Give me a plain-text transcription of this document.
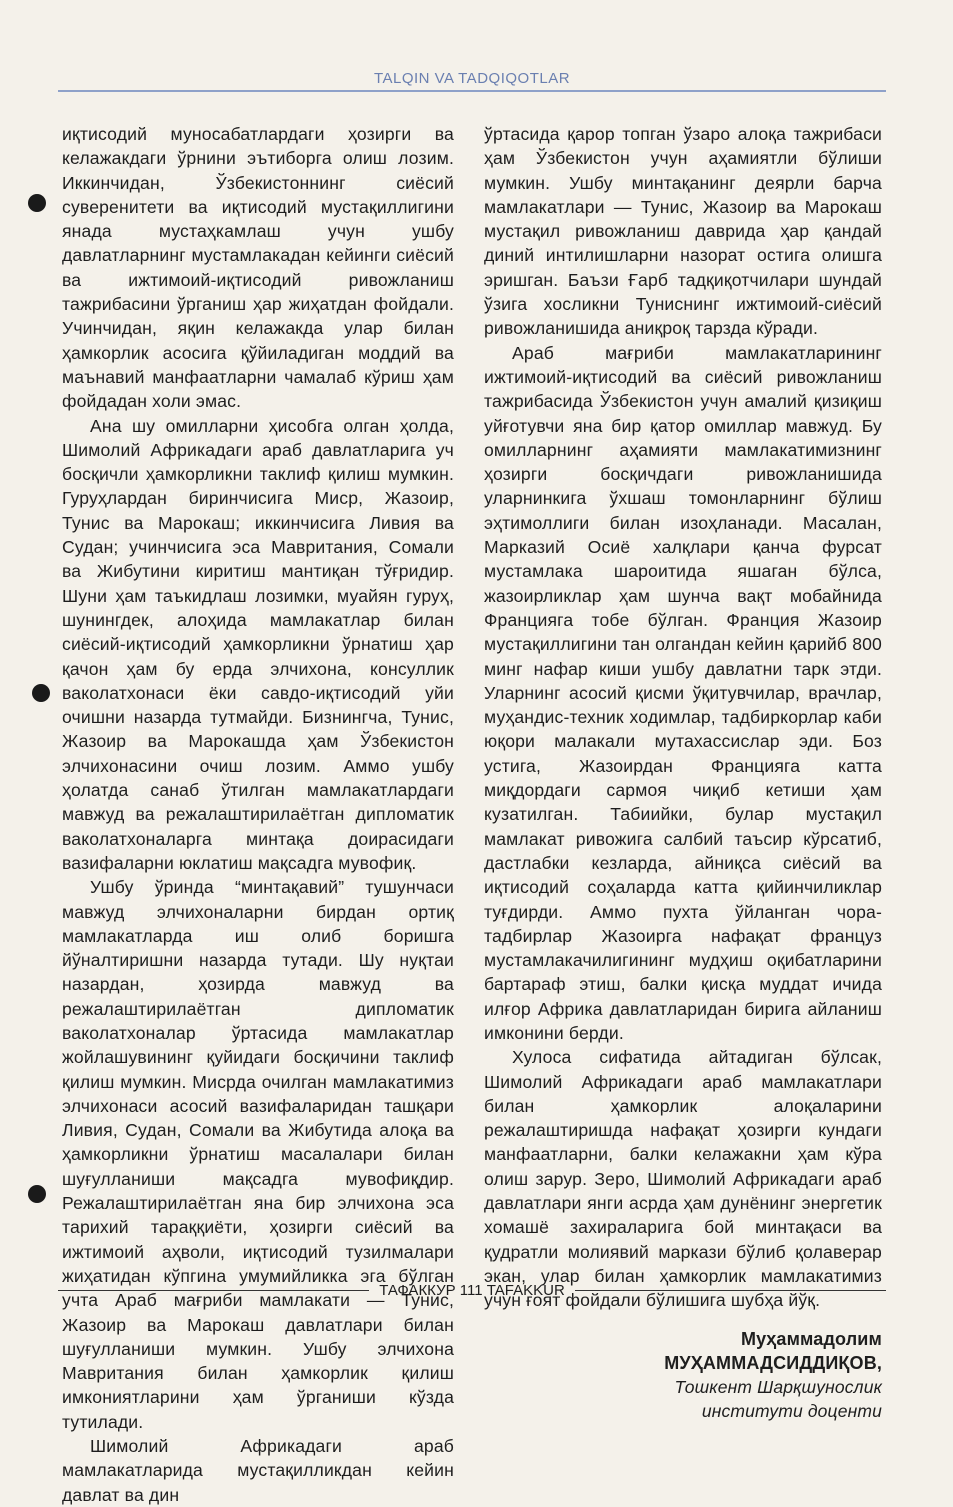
TALQIN VA TADQIQOTLAR

иқтисодий муносабатлардаги ҳозирги ва келажакдаги ўрнини эътиборга олиш лозим. Иккинчидан, Ўзбекистоннинг сиёсий суверенитети ва иқтисодий мустақиллигини янада мустаҳкамлаш учун ушбу давлатларнинг мустамлакадан кейинги сиёсий ва ижтимоий-иқтисодий ривожланиш тажрибасини ўрганиш ҳар жиҳатдан фойдали. Учинчидан, яқин келажакда улар билан ҳамкорлик асосига қўйиладиган моддий ва маънавий манфаатларни чамалаб кўриш ҳам фойдадан холи эмас.

Ана шу омилларни ҳисобга олган ҳолда, Шимолий Африкадаги араб давлатларига уч босқичли ҳамкорликни таклиф қилиш мумкин. Гуруҳлардан биринчисига Миср, Жазоир, Тунис ва Марокаш; иккинчисига Ливия ва Судан; учинчисига эса Мавритания, Сомали ва Жибутини киритиш мантиқан тўғридир. Шуни ҳам таъкидлаш лозимки, муайян гуруҳ, шунингдек, алоҳида мамлакатлар билан сиёсий-иқтисодий ҳамкорликни ўрнатиш ҳар қачон ҳам бу ерда элчихона, консуллик ваколатхонаси ёки савдо-иқтисодий уйи очишни назарда тутмайди. Бизнингча, Тунис, Жазоир ва Марокашда ҳам Ўзбекистон элчихонасини очиш лозим. Аммо ушбу ҳолатда санаб ўтилган мамлакатлардаги мавжуд ва режалаштирилаётган дипломатик ваколатхоналарга минтақа доирасидаги вазифаларни юклатиш мақсадга мувофиқ.

Ушбу ўринда “минтақавий” тушунчаси мавжуд элчихоналарни бирдан ортиқ мамлакатларда иш олиб боришга йўналтиришни назарда тутади. Шу нуқтаи назардан, ҳозирда мавжуд ва режалаштирилаётган дипломатик ваколатхоналар ўртасида мамлакатлар жойлашувининг қуйидаги босқичини таклиф қилиш мумкин. Мисрда очилган мамлакатимиз элчихонаси асосий вазифаларидан ташқари Ливия, Судан, Сомали ва Жибутида алоқа ва ҳамкорликни ўрнатиш масалалари билан шуғулланиши мақсадга мувофиқдир. Режалаштирилаётган яна бир элчихона эса тарихий тараққиёти, ҳозирги сиёсий ва ижтимоий аҳволи, иқтисодий тузилмалари жиҳатидан кўпгина умумийликка эга бўлган учта Араб мағриби мамлакати — Тунис, Жазоир ва Марокаш давлатлари билан шуғулланиши мумкин. Ушбу элчихона Мавритания билан ҳамкорлик қилиш имкониятларини ҳам ўрганиши кўзда тутилади.

Шимолий Африкадаги араб мамлакатларида мустақилликдан кейин давлат ва дин

ўртасида қарор топган ўзаро алоқа тажрибаси ҳам Ўзбекистон учун аҳамиятли бўлиши мумкин. Ушбу минтақанинг деярли барча мамлакатлари — Тунис, Жазоир ва Марокаш мустақил ривожланиш даврида ҳар қандай диний интилишларни назорат остига олишга эришган. Баъзи Ғарб тадқиқотчилари шундай ўзига хосликни Туниснинг ижтимоий-сиёсий ривожланишида аниқроқ тарзда кўради.

Араб мағриби мамлакатларининг ижтимоий-иқтисодий ва сиёсий ривожланиш тажрибасида Ўзбекистон учун амалий қизиқиш уйғотувчи яна бир қатор омиллар мавжуд. Бу омилларнинг аҳамияти мамлакатимизнинг ҳозирги босқичдаги ривожланишида уларнинкига ўхшаш томонларнинг бўлиш эҳтимоллиги билан изоҳланади. Масалан, Марказий Осиё халқлари қанча фурсат мустамлака шароитида яшаган бўлса, жазоирликлар ҳам шунча вақт мобайнида Францияга тобе бўлган. Франция Жазоир мустақиллигини тан олгандан кейин қарийб 800 минг нафар киши ушбу давлатни тарк этди. Уларнинг асосий қисми ўқитувчилар, врачлар, муҳандис-техник ходимлар, тадбиркорлар каби юқори малакали мутахассислар эди. Боз устига, Жазоирдан Францияга катта миқдордаги сармоя чиқиб кетиши ҳам кузатилган. Табиийки, булар мустақил мамлакат ривожига салбий таъсир кўрсатиб, дастлабки кезларда, айниқса сиёсий ва иқтисодий соҳаларда катта қийинчиликлар туғдирди. Аммо пухта ўйланган чора-тадбирлар Жазоирга нафақат француз мустамлакачилигининг мудҳиш оқибатларини бартараф этиш, балки қисқа муддат ичида илғор Африка давлатларидан бирига айланиш имконини берди.

Хулоса сифатида айтадиган бўлсак, Шимолий Африкадаги араб мамлакатлари билан ҳамкорлик алоқаларини режалаштиришда нафақат ҳозирги кундаги манфаатларни, балки келажакни ҳам кўра олиш зарур. Зеро, Шимолий Африкадаги араб давлатлари янги асрда ҳам дунёнинг энергетик хомашё захираларига бой минтақаси ва қудратли молиявий маркази бўлиб қолаверар экан, улар билан ҳамкорлик мамлакатимиз учун ғоят фойдали бўлишига шубҳа йўқ.

Муҳаммадолим
МУҲАММАДСИДДИҚОВ,
Тошкент Шарқшунослик
институти доценти
ТАФАККУР 111 TAFAKKUR
